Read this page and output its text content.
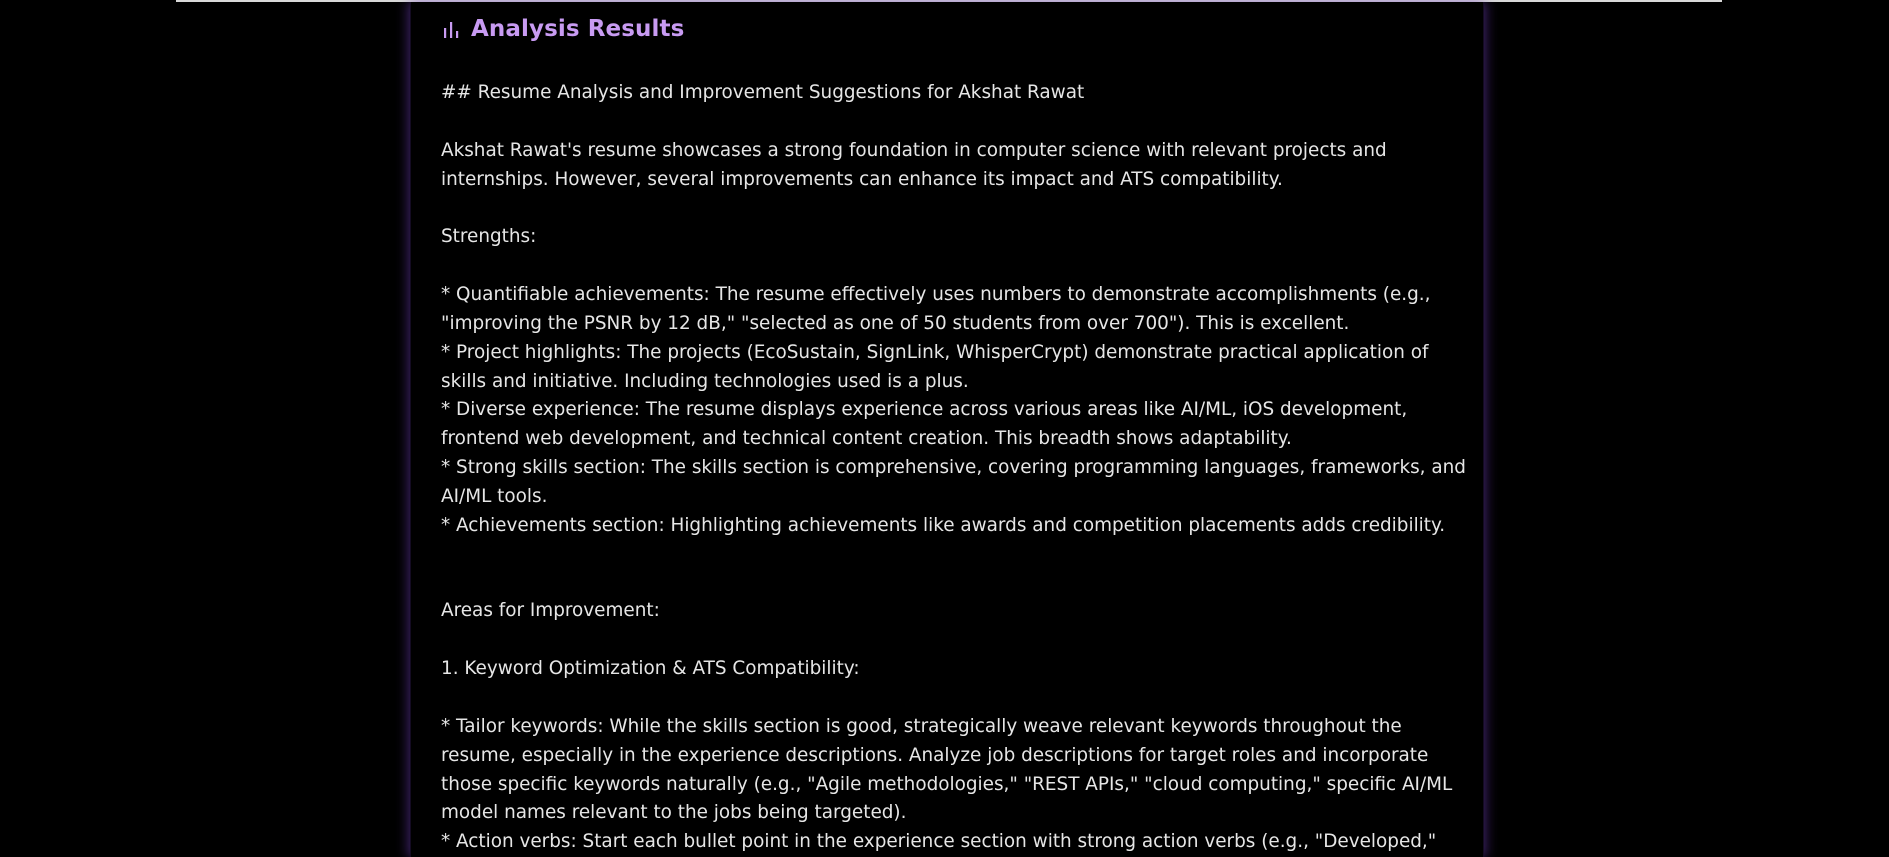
Analysis Results

## Resume Analysis and Improvement Suggestions for Akshat Rawat

Akshat Rawat's resume showcases a strong foundation in computer science with relevant projects and internships. However, several improvements can enhance its impact and ATS compatibility.

Strengths:

* Quantifiable achievements: The resume effectively uses numbers to demonstrate accomplishments (e.g., "improving the PSNR by 12 dB," "selected as one of 50 students from over 700"). This is excellent.

* Project highlights: The projects (EcoSustain, SignLink, WhisperCrypt) demonstrate practical application of skills and initiative. Including technologies used is a plus.

* Diverse experience: The resume displays experience across various areas like AI/ML, iOS development, frontend web development, and technical content creation. This breadth shows adaptability.

* Strong skills section: The skills section is comprehensive, covering programming languages, frameworks, and AI/ML tools.

* Achievements section: Highlighting achievements like awards and competition placements adds credibility.

Areas for Improvement:

1. Keyword Optimization & ATS Compatibility:

* Tailor keywords: While the skills section is good, strategically weave relevant keywords throughout the resume, especially in the experience descriptions. Analyze job descriptions for target roles and incorporate those specific keywords naturally (e.g., "Agile methodologies," "REST APIs," "cloud computing," specific AI/ML model names relevant to the jobs being targeted).

* Action verbs: Start each bullet point in the experience section with strong action verbs (e.g., "Developed,"
